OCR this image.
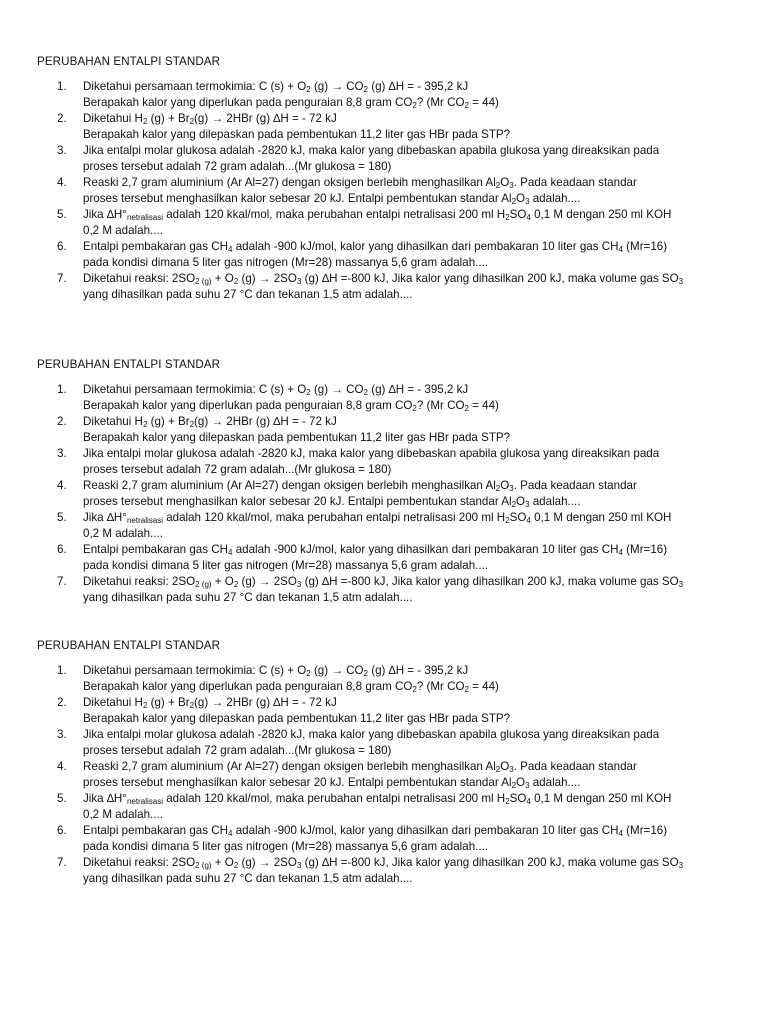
PERUBAHAN ENTALPI STANDAR
1. Diketahui persamaan termokimia: C $(s) + O_2$ $(g) \to CO_2$ (g) ∆H = - 395,2 kJ
Berapakah kalor yang diperlukan pada penguraian 8,8 gram $CO_2$? (Mr $CO_2 = 44$)
2. Diketahui $H_2$ $(g) + Br_2(g) \to 2HBr$ (g) ∆H = - 72 kJ
Berapakah kalor yang dilepaskan pada pembentukan 11,2 liter gas HBr pada STP?
3. Jika entalpi molar glukosa adalah -2820 kJ, maka kalor yang dibebaskan apabila glukosa yang direaksikan pada
proses tersebut adalah 72 gram adalah...(Mr glukosa = 180)
4. Reaski 2,7 gram aluminium (Ar Al=27) dengan oksigen berlebih menghasilkan $Al_2O_3$. Pada keadaan standar
proses tersebut menghasilkan kalor sebesar 20 kJ. Entalpi pembentukan standar $Al_2O_3$ adalah....
5. Jika $\Delta H^\circ_{netralisasi}$ adalah 120 kkal/mol, maka perubahan entalpi netralisasi 200 ml $H_2SO_4$ 0,1 M dengan 250 ml KOH
0,2 M adalah....
6. Entalpi pembakaran gas $CH_4$ adalah -900 kJ/mol, kalor yang dihasilkan dari pembakaran 10 liter gas $CH_4$ (Mr=16)
pada kondisi dimana 5 liter gas nitrogen (Mr=28) massanya 5,6 gram adalah....
7. Diketahui reaksi: $2SO_{2 (g)} + O_2$ $(g) \to 2SO_3$ (g) ∆H =-800 kJ, Jika kalor yang dihasilkan 200 kJ, maka volume gas $SO_3$
yang dihasilkan pada suhu 27 °C dan tekanan 1,5 atm adalah....
PERUBAHAN ENTALPI STANDAR
1. Diketahui persamaan termokimia: C $(s) + O_2$ $(g) \to CO_2$ (g) ∆H = - 395,2 kJ
Berapakah kalor yang diperlukan pada penguraian 8,8 gram $CO_2$? (Mr $CO_2 = 44$)
2. Diketahui $H_2$ $(g) + Br_2(g) \to 2HBr$ (g) ∆H = - 72 kJ
Berapakah kalor yang dilepaskan pada pembentukan 11,2 liter gas HBr pada STP?
3. Jika entalpi molar glukosa adalah -2820 kJ, maka kalor yang dibebaskan apabila glukosa yang direaksikan pada
proses tersebut adalah 72 gram adalah...(Mr glukosa = 180)
4. Reaski 2,7 gram aluminium (Ar Al=27) dengan oksigen berlebih menghasilkan $Al_2O_3$. Pada keadaan standar
proses tersebut menghasilkan kalor sebesar 20 kJ. Entalpi pembentukan standar $Al_2O_3$ adalah....
5. Jika $\Delta H^\circ_{netralisasi}$ adalah 120 kkal/mol, maka perubahan entalpi netralisasi 200 ml $H_2SO_4$ 0,1 M dengan 250 ml KOH
0,2 M adalah....
6. Entalpi pembakaran gas $CH_4$ adalah -900 kJ/mol, kalor yang dihasilkan dari pembakaran 10 liter gas $CH_4$ (Mr=16)
pada kondisi dimana 5 liter gas nitrogen (Mr=28) massanya 5,6 gram adalah....
7. Diketahui reaksi: $2SO_{2 (g)} + O_2$ $(g) \to 2SO_3$ (g) ∆H =-800 kJ, Jika kalor yang dihasilkan 200 kJ, maka volume gas $SO_3$
yang dihasilkan pada suhu 27 °C dan tekanan 1,5 atm adalah....
PERUBAHAN ENTALPI STANDAR
1. Diketahui persamaan termokimia: C $(s) + O_2$ $(g) \to CO_2$ (g) ∆H = - 395,2 kJ
Berapakah kalor yang diperlukan pada penguraian 8,8 gram $CO_2$? (Mr $CO_2 = 44$)
2. Diketahui $H_2$ $(g) + Br_2(g) \to 2HBr$ (g) ∆H = - 72 kJ
Berapakah kalor yang dilepaskan pada pembentukan 11,2 liter gas HBr pada STP?
3. Jika entalpi molar glukosa adalah -2820 kJ, maka kalor yang dibebaskan apabila glukosa yang direaksikan pada
proses tersebut adalah 72 gram adalah...(Mr glukosa = 180)
4. Reaski 2,7 gram aluminium (Ar Al=27) dengan oksigen berlebih menghasilkan $Al_2O_3$. Pada keadaan standar
proses tersebut menghasilkan kalor sebesar 20 kJ. Entalpi pembentukan standar $Al_2O_3$ adalah....
5. Jika $\Delta H^\circ_{netralisasi}$ adalah 120 kkal/mol, maka perubahan entalpi netralisasi 200 ml $H_2SO_4$ 0,1 M dengan 250 ml KOH
0,2 M adalah....
6. Entalpi pembakaran gas $CH_4$ adalah -900 kJ/mol, kalor yang dihasilkan dari pembakaran 10 liter gas $CH_4$ (Mr=16)
pada kondisi dimana 5 liter gas nitrogen (Mr=28) massanya 5,6 gram adalah....
7. Diketahui reaksi: $2SO_{2 (g)} + O_2$ $(g) \to 2SO_3$ (g) ∆H =-800 kJ, Jika kalor yang dihasilkan 200 kJ, maka volume gas $SO_3$
yang dihasilkan pada suhu 27 °C dan tekanan 1,5 atm adalah....
